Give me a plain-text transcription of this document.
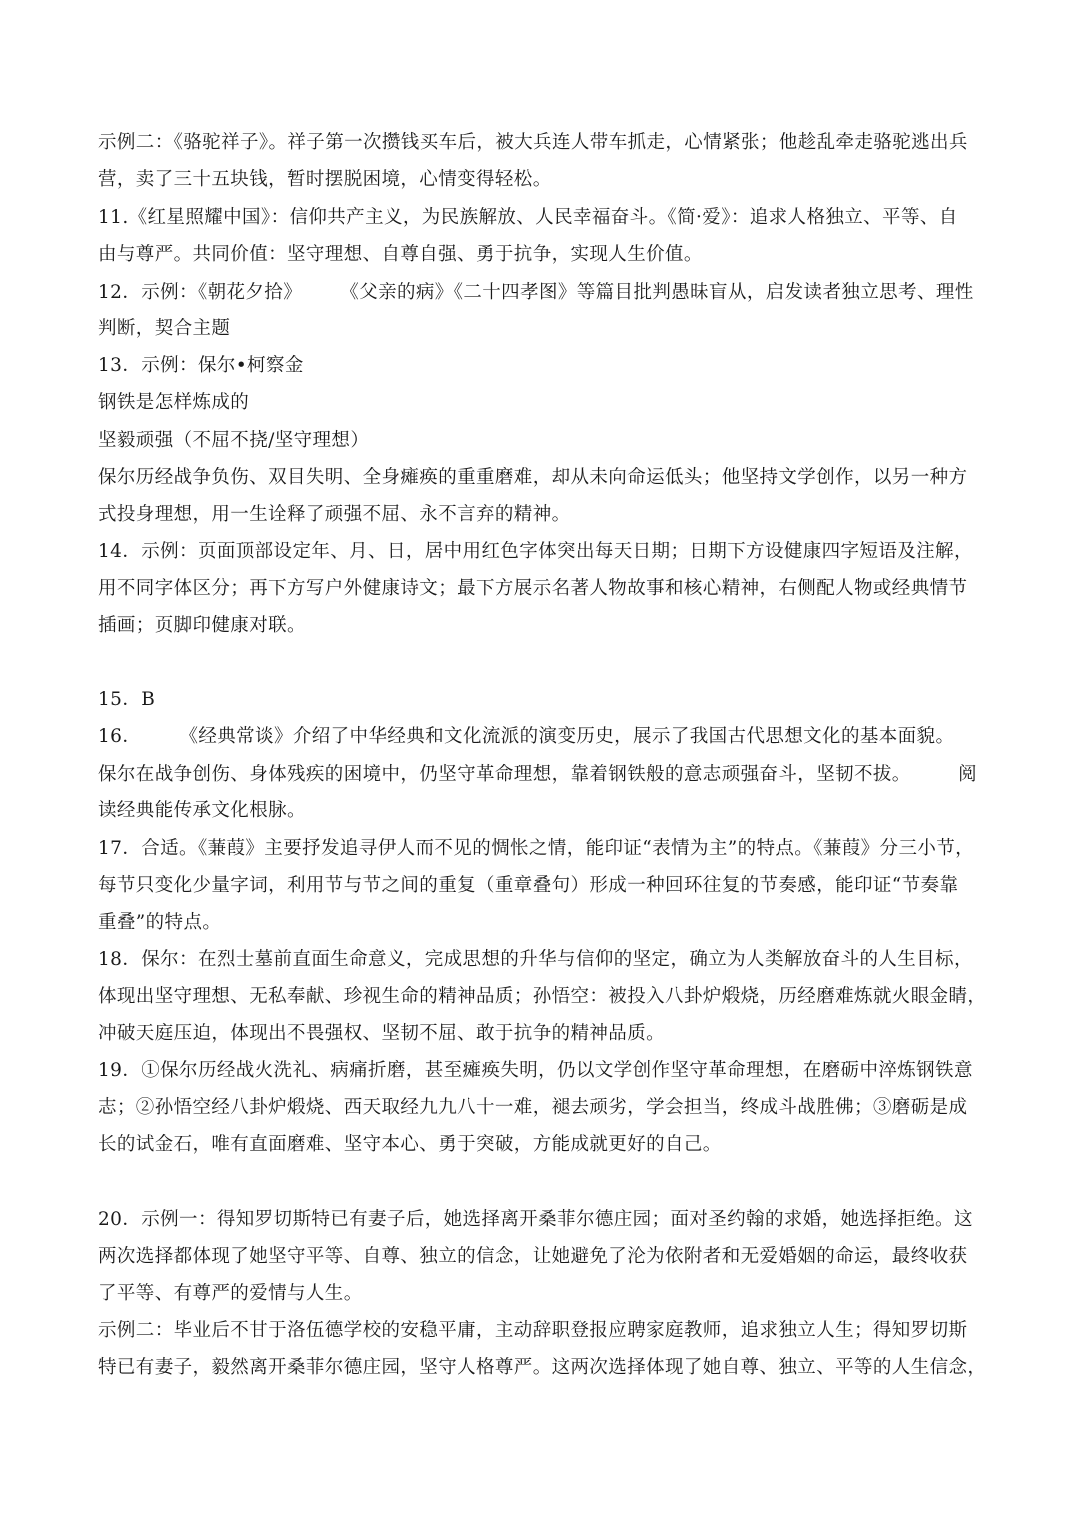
示例二：《骆驼祥子》。祥子第一次攒钱买车后，被大兵连人带车抓走，心情紧张；他趁乱牵走骆驼逃出兵
营，卖了三十五块钱，暂时摆脱困境，心情变得轻松。
11.《红星照耀中国》：信仰共产主义，为民族解放、人民幸福奋斗。《简·爱》：追求人格独立、平等、自
由与尊严。共同价值：坚守理想、自尊自强、勇于抗争，实现人生价值。
12．示例：《朝花夕拾》　　　《父亲的病》《二十四孝图》等篇目批判愚昧盲从，启发读者独立思考、理性
判断，契合主题
13．示例：保尔•柯察金
钢铁是怎样炼成的
坚毅顽强（不屈不挠/坚守理想）
保尔历经战争负伤、双目失明、全身瘫痪的重重磨难，却从未向命运低头；他坚持文学创作，以另一种方
式投身理想，用一生诠释了顽强不屈、永不言弃的精神。
14．示例：页面顶部设定年、月、日，居中用红色字体突出每天日期；日期下方设健康四字短语及注解，
用不同字体区分；再下方写户外健康诗文；最下方展示名著人物故事和核心精神，右侧配人物或经典情节
插画；页脚印健康对联。
15．B
16．　　　《经典常谈》介绍了中华经典和文化流派的演变历史，展示了我国古代思想文化的基本面貌。
保尔在战争创伤、身体残疾的困境中，仍坚守革命理想，靠着钢铁般的意志顽强奋斗，坚韧不拔。　　　阅
读经典能传承文化根脉。
17．合适。《蒹葭》主要抒发追寻伊人而不见的惆怅之情，能印证“表情为主”的特点。《蒹葭》分三小节，
每节只变化少量字词，利用节与节之间的重复（重章叠句）形成一种回环往复的节奏感，能印证“节奏靠
重叠”的特点。
18．保尔：在烈士墓前直面生命意义，完成思想的升华与信仰的坚定，确立为人类解放奋斗的人生目标，
体现出坚守理想、无私奉献、珍视生命的精神品质；孙悟空：被投入八卦炉煅烧，历经磨难炼就火眼金睛，
冲破天庭压迫，体现出不畏强权、坚韧不屈、敢于抗争的精神品质。
19．①保尔历经战火洗礼、病痛折磨，甚至瘫痪失明，仍以文学创作坚守革命理想，在磨砺中淬炼钢铁意
志；②孙悟空经八卦炉煅烧、西天取经九九八十一难，褪去顽劣，学会担当，终成斗战胜佛；③磨砺是成
长的试金石，唯有直面磨难、坚守本心、勇于突破，方能成就更好的自己。
20．示例一：得知罗切斯特已有妻子后，她选择离开桑菲尔德庄园；面对圣约翰的求婚，她选择拒绝。这
两次选择都体现了她坚守平等、自尊、独立的信念，让她避免了沦为依附者和无爱婚姻的命运，最终收获
了平等、有尊严的爱情与人生。
示例二：毕业后不甘于洛伍德学校的安稳平庸，主动辞职登报应聘家庭教师，追求独立人生；得知罗切斯
特已有妻子，毅然离开桑菲尔德庄园，坚守人格尊严。这两次选择体现了她自尊、独立、平等的人生信念，
